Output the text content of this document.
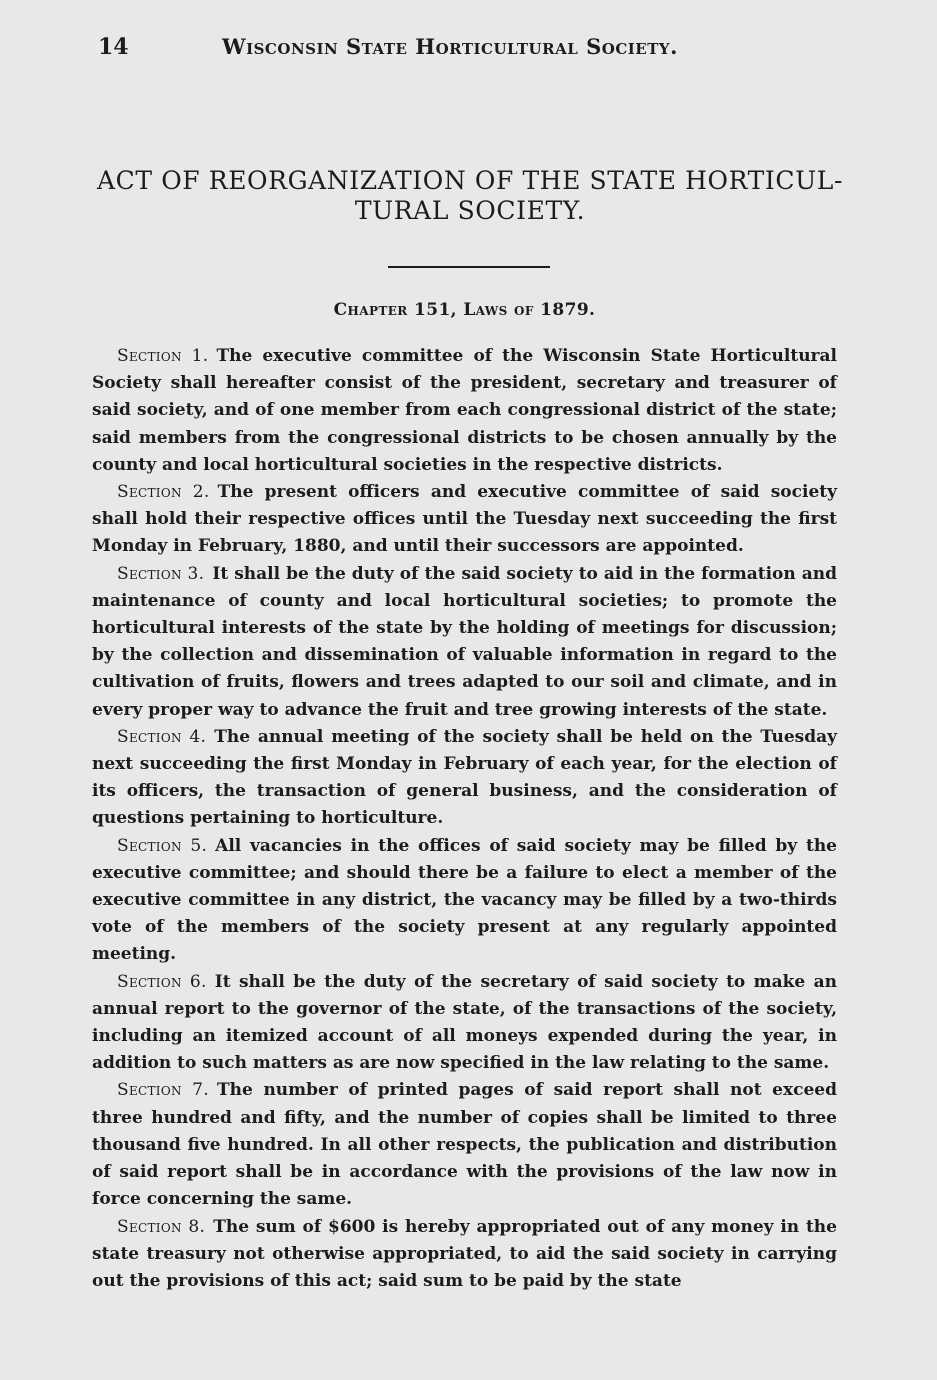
14	Wisconsin State Horticultural Society.
ACT OF REORGANIZATION OF THE STATE HORTICUL-
TURAL SOCIETY.
Chapter 151, Laws of 1879.

Section 1. The executive committee of the Wisconsin State Horticultural Society shall hereafter consist of the president, secretary and treasurer of said society, and of one member from each congressional district of the state; said members from the congressional districts to be chosen annually by the county and local horticultural societies in the respective districts.

Section 2. The present officers and executive committee of said society shall hold their respective offices until the Tuesday next succeeding the first Monday in February, 1880, and until their successors are appointed.

Section 3. It shall be the duty of the said society to aid in the formation and maintenance of county and local horticultural societies; to promote the horticultural interests of the state by the holding of meetings for discussion; by the collection and dissemination of valuable information in regard to the cultivation of fruits, flowers and trees adapted to our soil and climate, and in every proper way to advance the fruit and tree growing interests of the state.

Section 4. The annual meeting of the society shall be held on the Tuesday next succeeding the first Monday in February of each year, for the election of its officers, the transaction of general business, and the consideration of questions pertaining to horticulture.

Section 5. All vacancies in the offices of said society may be filled by the executive committee; and should there be a failure to elect a member of the executive committee in any district, the vacancy may be filled by a two-thirds vote of the members of the society present at any regularly appointed meeting.

Section 6. It shall be the duty of the secretary of said society to make an annual report to the governor of the state, of the transactions of the society, including an itemized account of all moneys expended during the year, in addition to such matters as are now specified in the law relating to the same.

Section 7. The number of printed pages of said report shall not exceed three hundred and fifty, and the number of copies shall be limited to three thousand five hundred. In all other respects, the publication and distribution of said report shall be in accordance with the provisions of the law now in force concerning the same.

Section 8. The sum of $600 is hereby appropriated out of any money in the state treasury not otherwise appropriated, to aid the said society in carrying out the provisions of this act; said sum to be paid by the state
